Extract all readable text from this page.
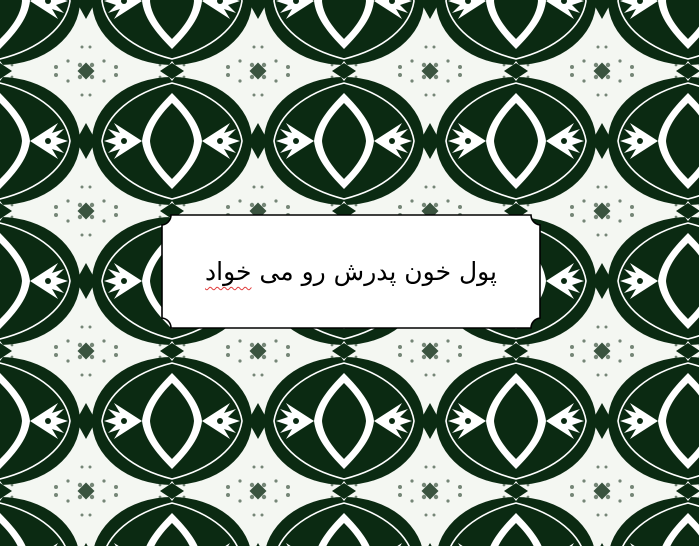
پول خون پدرش رو می

خواد
